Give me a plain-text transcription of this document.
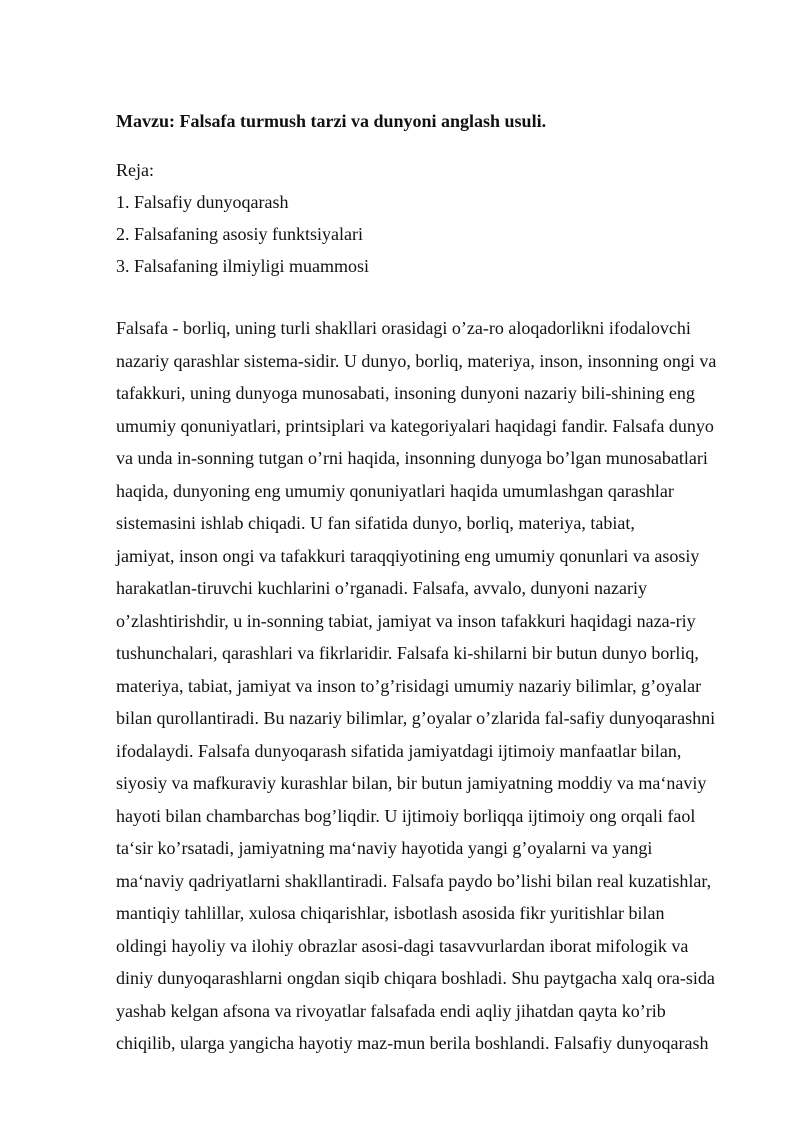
Mavzu: Falsafa turmush tarzi va dunyoni anglash usuli.

Reja:

1. Falsafiy dunyoqarash
2. Falsafaning asosiy funktsiyalari
3. Falsafaning ilmiyligi muammosi

Falsafa - borliq, uning turli shakllari orasidagi o’za-ro aloqadorlikni ifodalovchi
nazariy qarashlar sistema-sidir. U dunyo, borliq, materiya, inson, insonning ongi va
tafakkuri, uning dunyoga munosabati, insoning dunyoni nazariy bili-shining eng
umumiy qonuniyatlari, printsiplari va kategoriyalari haqidagi fandir. Falsafa dunyo
va unda in-sonning tutgan o’rni haqida, insonning dunyoga bo’lgan munosabatlari
haqida, dunyoning eng umumiy qonuniyatlari haqida umumlashgan qarashlar
sistemasini ishlab chiqadi. U fan sifatida dunyo, borliq, materiya, tabiat,
jamiyat, inson ongi va tafakkuri taraqqiyotining eng umumiy qonunlari va asosiy
harakatlan-tiruvchi kuchlarini o’rganadi. Falsafa, avvalo, dunyoni nazariy
o’zlashtirishdir, u in-sonning tabiat, jamiyat va inson tafakkuri haqidagi naza-riy
tushunchalari, qarashlari va fikrlaridir. Falsafa ki-shilarni bir butun dunyo borliq,
materiya, tabiat, jamiyat va inson to’g’risidagi umumiy nazariy bilimlar, g’oyalar
bilan qurollantiradi. Bu nazariy bilimlar, g’oyalar o’zlarida fal-safiy dunyoqarashni
ifodalaydi. Falsafa dunyoqarash sifatida jamiyatdagi ijtimoiy manfaatlar bilan,
siyosiy va mafkuraviy kurashlar bilan, bir butun jamiyatning moddiy va ma‘naviy
hayoti bilan chambarchas bog’liqdir. U ijtimoiy borliqqa ijtimoiy ong orqali faol
ta‘sir ko’rsatadi, jamiyatning ma‘naviy hayotida yangi g’oyalarni va yangi
ma‘naviy qadriyatlarni shakllantiradi. Falsafa paydo bo’lishi bilan real kuzatishlar,
mantiqiy tahlillar, xulosa chiqarishlar, isbotlash asosida fikr yuritishlar bilan
oldingi hayoliy va ilohiy obrazlar asosi-dagi tasavvurlardan iborat mifologik va
diniy dunyoqarashlarni ongdan siqib chiqara boshladi. Shu paytgacha xalq ora-sida
yashab kelgan afsona va rivoyatlar falsafada endi aqliy jihatdan qayta ko’rib
chiqilib, ularga yangicha hayotiy maz-mun berila boshlandi. Falsafiy dunyoqarash
